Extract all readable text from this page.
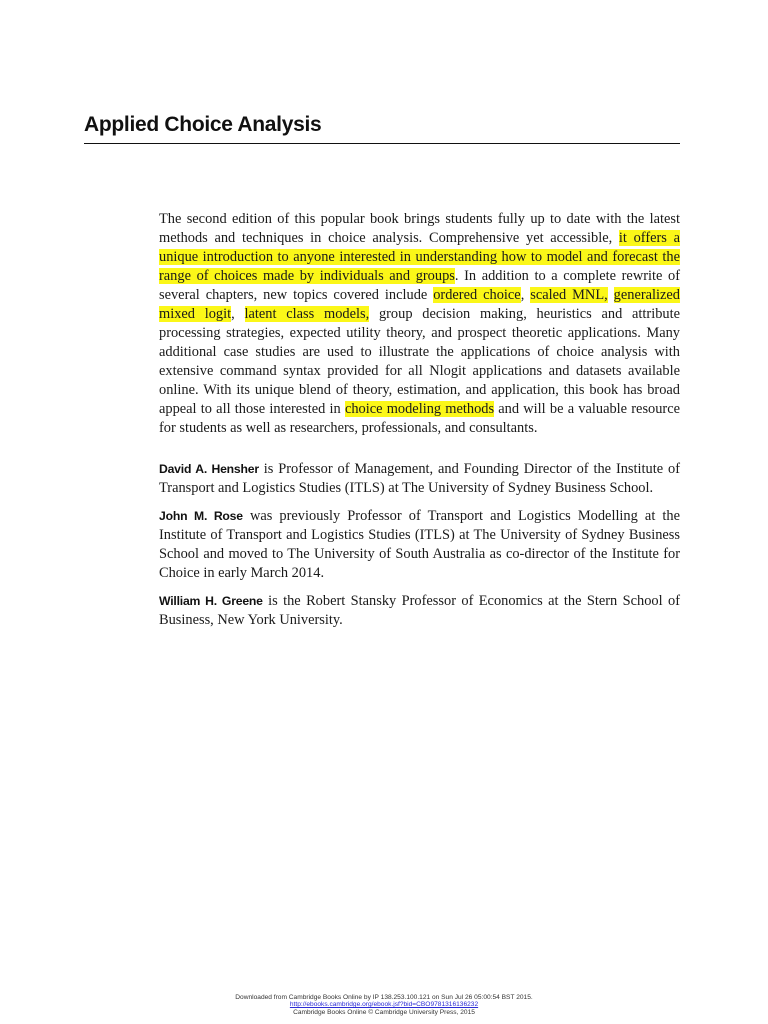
Applied Choice Analysis

The second edition of this popular book brings students fully up to date with the latest methods and techniques in choice analysis. Comprehensive yet accessible, it offers a unique introduction to anyone interested in understanding how to model and forecast the range of choices made by individuals and groups. In addition to a complete rewrite of several chapters, new topics covered include ordered choice, scaled MNL, generalized mixed logit, latent class models, group decision making, heuristics and attribute processing strategies, expected utility theory, and prospect theoretic applications. Many additional case studies are used to illustrate the applications of choice analysis with extensive command syntax provided for all Nlogit applications and datasets available online. With its unique blend of theory, estimation, and application, this book has broad appeal to all those interested in choice modeling methods and will be a valuable resource for students as well as researchers, professionals, and consultants.

David A. Hensher is Professor of Management, and Founding Director of the Institute of Transport and Logistics Studies (ITLS) at The University of Sydney Business School.

John M. Rose was previously Professor of Transport and Logistics Modelling at the Institute of Transport and Logistics Studies (ITLS) at The University of Sydney Business School and moved to The University of South Australia as co-director of the Institute for Choice in early March 2014.

William H. Greene is the Robert Stansky Professor of Economics at the Stern School of Business, New York University.

Downloaded from Cambridge Books Online by IP 138.253.100.121 on Sun Jul 26 05:00:54 BST 2015.
http://ebooks.cambridge.org/ebook.jsf?bid=CBO9781316136232
Cambridge Books Online © Cambridge University Press, 2015
